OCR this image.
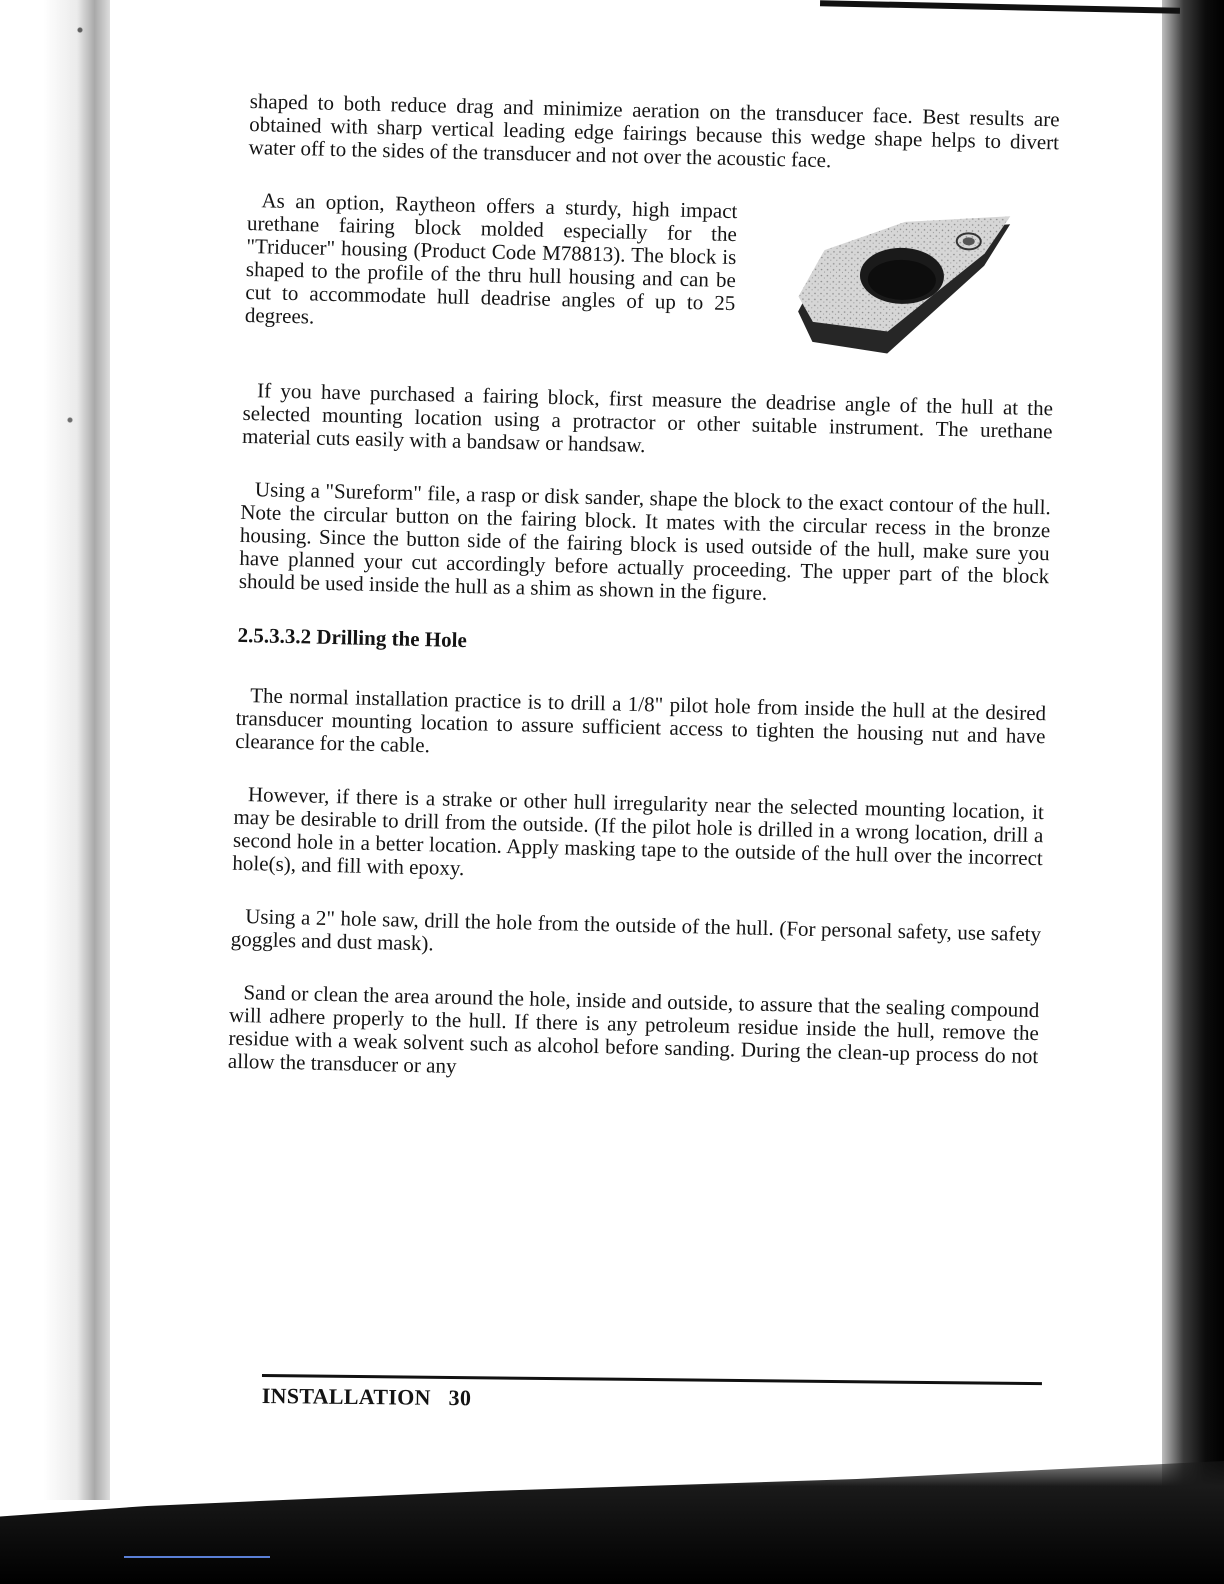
shaped to both reduce drag and minimize aeration on the transducer face. Best results are obtained with sharp vertical leading edge fairings because this wedge shape helps to divert water off to the sides of the transducer and not over the acoustic face.

As an option, Raytheon offers a sturdy, high impact urethane fairing block molded especially for the "Triducer" housing (Product Code M78813). The block is shaped to the profile of the thru hull housing and can be cut to accommodate hull deadrise angles of up to 25 degrees.

If you have purchased a fairing block, first measure the deadrise angle of the hull at the selected mounting location using a protractor or other suitable instrument. The urethane material cuts easily with a bandsaw or handsaw.

Using a "Sureform" file, a rasp or disk sander, shape the block to the exact contour of the hull. Note the circular button on the fairing block. It mates with the circular recess in the bronze housing. Since the button side of the fairing block is used outside of the hull, make sure you have planned your cut accordingly before actually proceeding. The upper part of the block should be used inside the hull as a shim as shown in the figure.

2.5.3.3.2 Drilling the Hole

The normal installation practice is to drill a 1/8" pilot hole from inside the hull at the desired transducer mounting location to assure sufficient access to tighten the housing nut and have clearance for the cable.

However, if there is a strake or other hull irregularity near the selected mounting location, it may be desirable to drill from the outside. (If the pilot hole is drilled in a wrong location, drill a second hole in a better location. Apply masking tape to the outside of the hull over the incorrect hole(s), and fill with epoxy.

Using a 2" hole saw, drill the hole from the outside of the hull. (For personal safety, use safety goggles and dust mask).

Sand or clean the area around the hole, inside and outside, to assure that the sealing compound will adhere properly to the hull. If there is any petroleum residue inside the hull, remove the residue with a weak solvent such as alcohol before sanding. During the clean-up process do not allow the transducer or any

INSTALLATION 30
